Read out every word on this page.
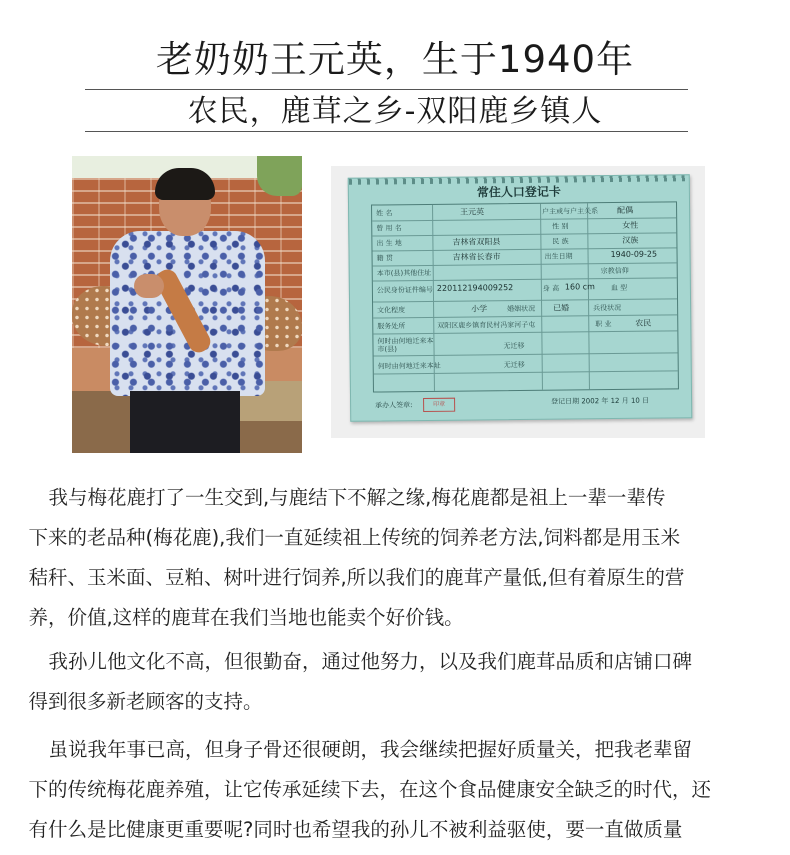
老奶奶王元英，生于1940年
农民，鹿茸之乡-双阳鹿乡镇人
常住人口登记卡
姓 名	王元英	户主或与户主关系 配偶
曾 用 名	性 别	女性
出 生 地	吉林省双阳县	民 族	汉族
籍 贯	吉林省长春市	出生日期	1940-09-25
本市(县)其他住址	宗教信仰
公民身份证件编号 220112194009252	身 高 160 cm 血 型
文化程度	小学	婚姻状况 已婚	兵役状况
服务处所	双阳区鹿乡镇育民村冯家河子屯	职 业	农民
何时由何地迁来本市(县)	无迁移
何时由何地迁来本址	无迁移
承办人签章:	印章	登记日期 2002 年 12 月 10 日
我与梅花鹿打了一生交到,与鹿结下不解之缘,梅花鹿都是祖上一辈一辈传
下来的老品种(梅花鹿),我们一直延续祖上传统的饲养老方法,饲料都是用玉米
秸秆、玉米面、豆粕、树叶进行饲养,所以我们的鹿茸产量低,但有着原生的营
养，价值,这样的鹿茸在我们当地也能卖个好价钱。
我孙儿他文化不高，但很勤奋，通过他努力，以及我们鹿茸品质和店铺口碑
得到很多新老顾客的支持。
虽说我年事已高，但身子骨还很硬朗，我会继续把握好质量关，把我老辈留
下的传统梅花鹿养殖，让它传承延续下去，在这个食品健康安全缺乏的时代，还
有什么是比健康更重要呢?同时也希望我的孙儿不被利益驱使，要一直做质量
